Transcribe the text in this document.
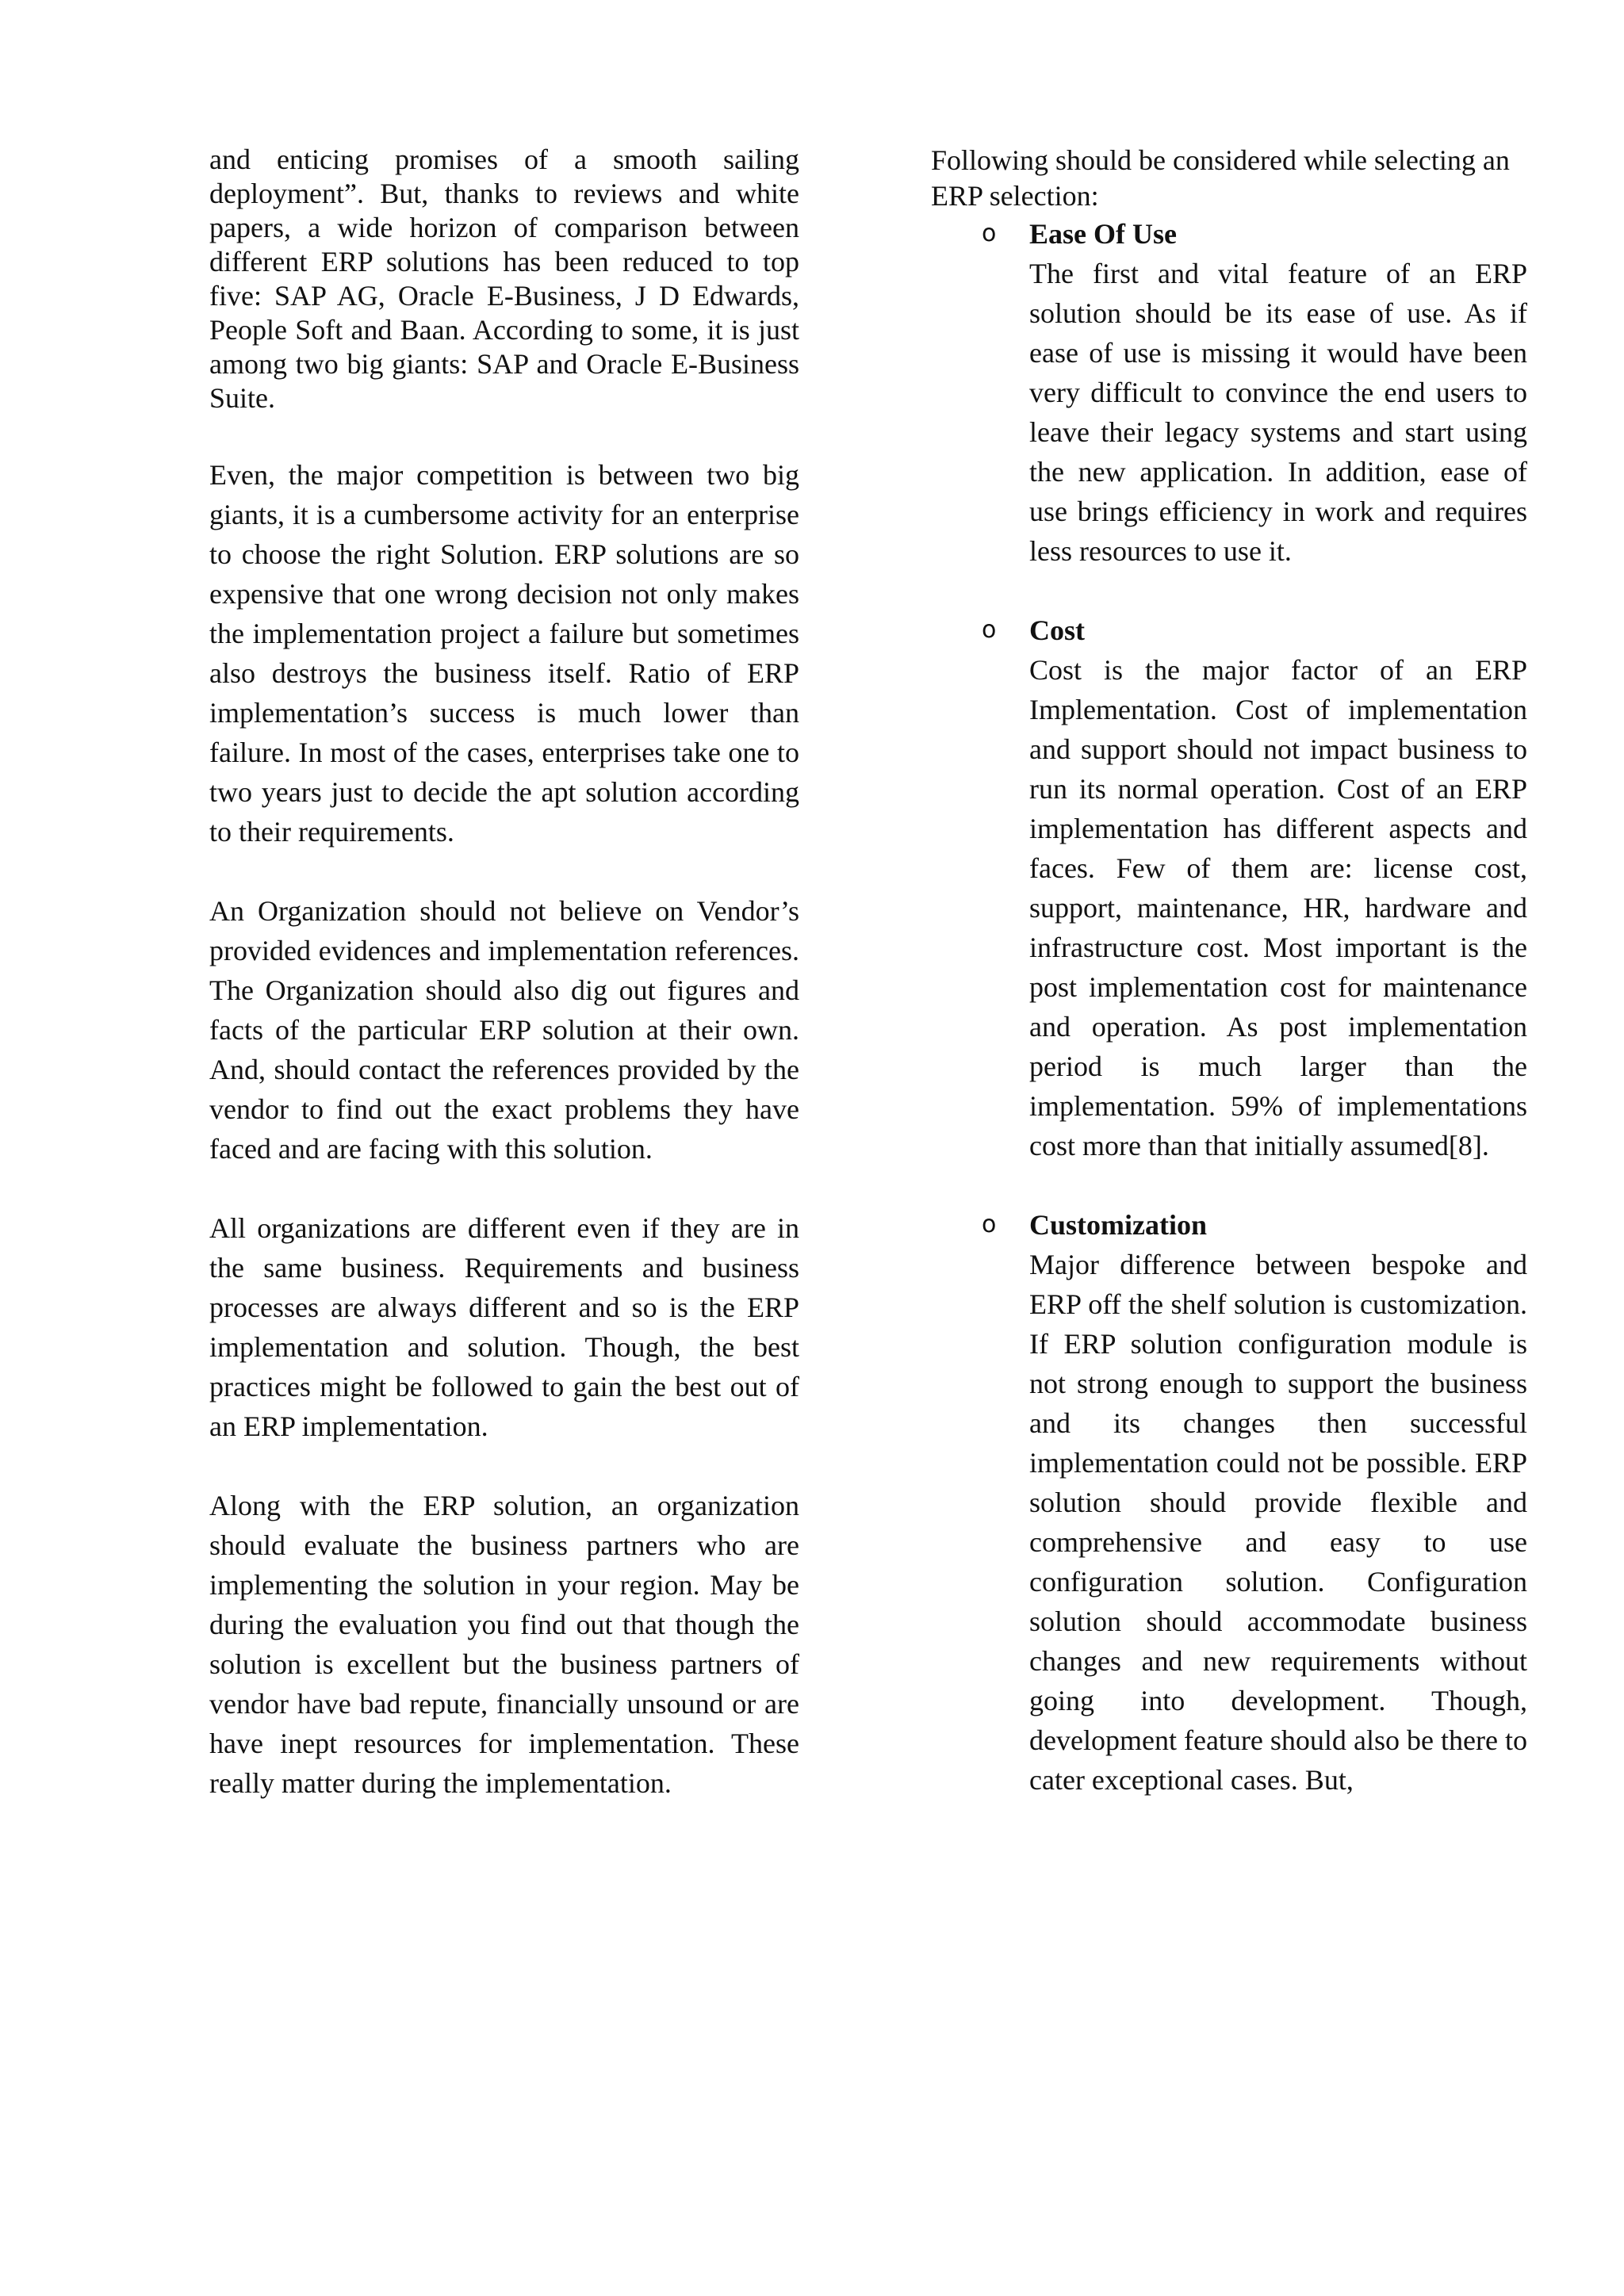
and enticing promises of a smooth sailing deployment”. But, thanks to reviews and white papers, a wide horizon of comparison between different ERP solutions has been reduced to top five: SAP AG, Oracle E-Business, J D Edwards, People Soft and Baan. According to some, it is just among two big giants: SAP and Oracle E-Business Suite.

Even, the major competition is between two big giants, it is a cumbersome activity for an enterprise to choose the right Solution. ERP solutions are so expensive that one wrong decision not only makes the implementation project a failure but sometimes also destroys the business itself. Ratio of ERP implementation’s success is much lower than failure. In most of the cases, enterprises take one to two years just to decide the apt solution according to their requirements.

An Organization should not believe on Vendor’s provided evidences and implementation references. The Organization should also dig out figures and facts of the particular ERP solution at their own. And, should contact the references provided by the vendor to find out the exact problems they have faced and are facing with this solution.

All organizations are different even if they are in the same business. Requirements and business processes are always different and so is the ERP implementation and solution. Though, the best practices might be followed to gain the best out of an ERP implementation.

Along with the ERP solution, an organization should evaluate the business partners who are implementing the solution in your region. May be during the evaluation you find out that though the solution is excellent but the business partners of vendor have bad repute, financially unsound or are have inept resources for implementation. These really matter during the implementation.

Following should be considered while selecting an ERP selection:

o Ease Of Use
The first and vital feature of an ERP solution should be its ease of use. As if ease of use is missing it would have been very difficult to convince the end users to leave their legacy systems and start using the new application. In addition, ease of use brings efficiency in work and requires less resources to use it.
o Cost
Cost is the major factor of an ERP Implementation. Cost of implementation and support should not impact business to run its normal operation. Cost of an ERP implementation has different aspects and faces. Few of them are: license cost, support, maintenance, HR, hardware and infrastructure cost. Most important is the post implementation cost for maintenance and operation. As post implementation period is much larger than the implementation. 59% of implementations cost more than that initially assumed[8].
o Customization
Major difference between bespoke and ERP off the shelf solution is customization. If ERP solution configuration module is not strong enough to support the business and its changes then successful implementation could not be possible. ERP solution should provide flexible and comprehensive and easy to use configuration solution. Configuration solution should accommodate business changes and new requirements without going into development. Though, development feature should also be there to cater exceptional cases. But,
